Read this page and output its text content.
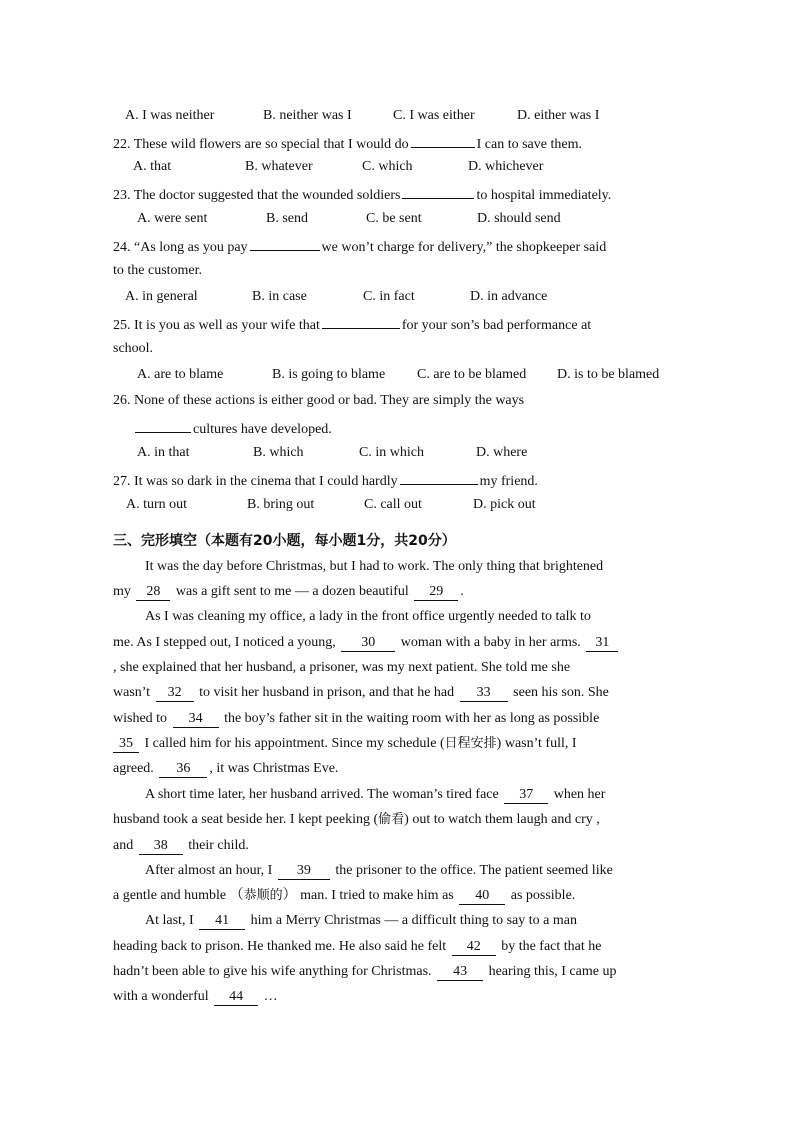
A. I was neither	B. neither was I	C. I was either	D. either was I
22. These wild flowers are so special that I would do	I can to save them.
A. that	B. whatever	C. which	D. whichever
23. The doctor suggested that the wounded soldiers	to hospital immediately.
A. were sent	B. send	C. be sent	D. should send
24. “As long as you pay	we won’t charge for delivery,” the shopkeeper said
to the customer.
A. in general	B. in case	C. in fact	D. in advance
25. It is you as well as your wife that	for your son’s bad performance at
school.
A. are to blame	B. is going to blame C. are to be blamed D. is to be blamed
26. None of these actions is either good or bad. They are simply the ways
cultures have developed.
A. in that	B. which	C. in which	D. where
27. It was so dark in the cinema that I could hardly	my friend.
A. turn out	B. bring out	C. call out	D. pick out
三、完形填空（本题有20小题，每小题1分，共20分）
It was the day before Christmas, but I had to work. The only thing that brightened
my 28 was a gift sent to me — a dozen beautiful 29 .
As I was cleaning my office, a lady in the front office urgently needed to talk to
me. As I stepped out, I noticed a young, 30 woman with a baby in her arms. 31
, she explained that her husband, a prisoner, was my next patient. She told me she
wasn’t 32 to visit her husband in prison, and that he had 33 seen his son. She
wished to 34 the boy’s father sit in the waiting room with her as long as possible
35 I called him for his appointment. Since my schedule (日程安排) wasn’t full, I
agreed. 36 , it was Christmas Eve.
A short time later, her husband arrived. The woman’s tired face 37 when her
husband took a seat beside her. I kept peeking (偷看) out to watch them laugh and cry ,
and 38 their child.
After almost an hour, I 39 the prisoner to the office. The patient seemed like
a gentle and humble （恭顺的） man. I tried to make him as 40 as possible.
At last, I 41 him a Merry Christmas — a difficult thing to say to a man
heading back to prison. He thanked me. He also said he felt 42 by the fact that he
hadn’t been able to give his wife anything for Christmas. 43 hearing this, I came up
with a wonderful 44 …
